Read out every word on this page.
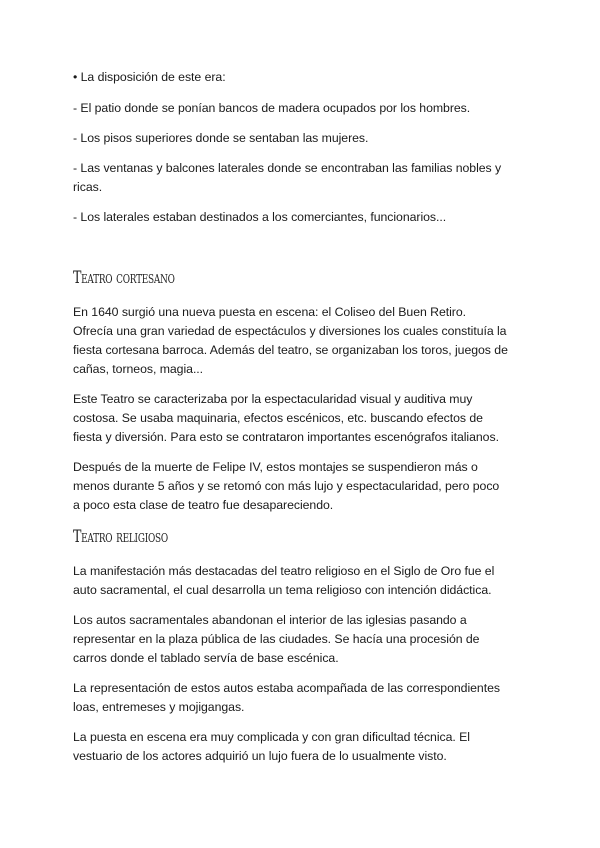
• La disposición de este era:

- El patio donde se ponían bancos de madera ocupados por los hombres.

- Los pisos superiores donde se sentaban las mujeres.

- Las ventanas y balcones laterales donde se encontraban las familias nobles y ricas.

- Los laterales estaban destinados a los comerciantes, funcionarios...

Teatro cortesano

En 1640 surgió una nueva puesta en escena: el Coliseo del Buen Retiro. Ofrecía una gran variedad de espectáculos y diversiones los cuales constituía la fiesta cortesana barroca. Además del teatro, se organizaban los toros, juegos de cañas, torneos, magia...

Este Teatro se caracterizaba por la espectacularidad visual y auditiva muy costosa. Se usaba maquinaria, efectos escénicos, etc. buscando efectos de fiesta y diversión. Para esto se contrataron importantes escenógrafos italianos.

Después de la muerte de Felipe IV, estos montajes se suspendieron más o menos durante 5 años y se retomó con más lujo y espectacularidad, pero poco a poco esta clase de teatro fue desapareciendo.

Teatro religioso

La manifestación más destacadas del teatro religioso en el Siglo de Oro fue el auto sacramental, el cual desarrolla un tema religioso con intención didáctica.

Los autos sacramentales abandonan el interior de las iglesias pasando a representar en la plaza pública de las ciudades. Se hacía una procesión de carros donde el tablado servía de base escénica.

La representación de estos autos estaba acompañada de las correspondientes loas, entremeses y mojigangas.

La puesta en escena era muy complicada y con gran dificultad técnica. El vestuario de los actores adquirió un lujo fuera de lo usualmente visto.
